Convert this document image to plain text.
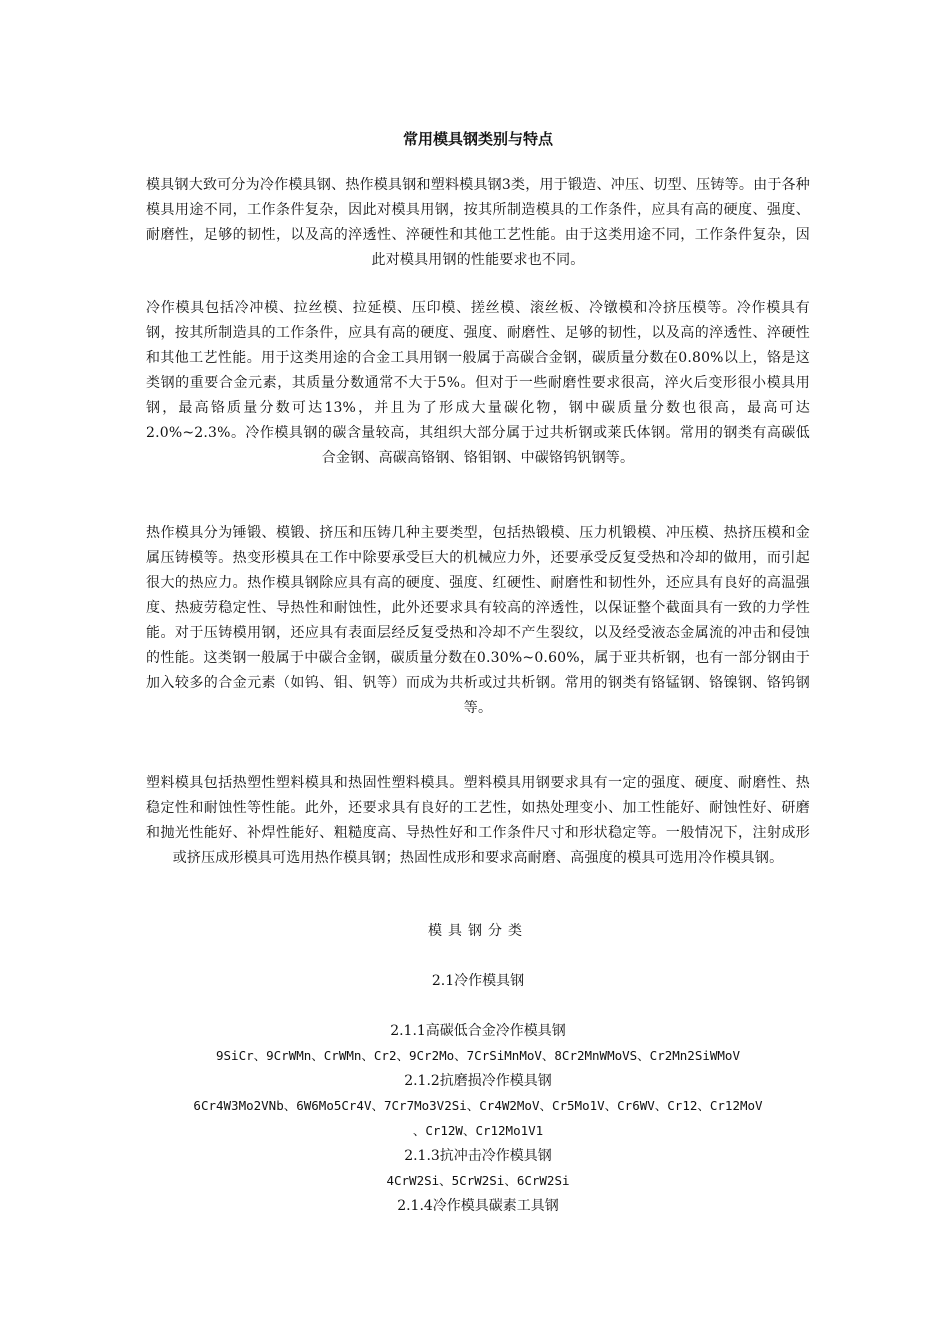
常用模具钢类别与特点
模具钢大致可分为冷作模具钢、热作模具钢和塑料模具钢3类，用于锻造、冲压、切型、压铸等。由于各种模具用途不同，工作条件复杂，因此对模具用钢，按其所制造模具的工作条件，应具有高的硬度、强度、耐磨性，足够的韧性，以及高的淬透性、淬硬性和其他工艺性能。由于这类用途不同，工作条件复杂，因此对模具用钢的性能要求也不同。
冷作模具包括冷冲模、拉丝模、拉延模、压印模、搓丝模、滚丝板、冷镦模和冷挤压模等。冷作模具有钢，按其所制造具的工作条件，应具有高的硬度、强度、耐磨性、足够的韧性，以及高的淬透性、淬硬性和其他工艺性能。用于这类用途的合金工具用钢一般属于高碳合金钢，碳质量分数在0.80%以上，铬是这类钢的重要合金元素，其质量分数通常不大于5%。但对于一些耐磨性要求很高，淬火后变形很小模具用钢，最高铬质量分数可达13%，并且为了形成大量碳化物，钢中碳质量分数也很高，最高可达2.0%~2.3%。冷作模具钢的碳含量较高，其组织大部分属于过共析钢或莱氏体钢。常用的钢类有高碳低合金钢、高碳高铬钢、铬钼钢、中碳铬钨钒钢等。
热作模具分为锤锻、模锻、挤压和压铸几种主要类型，包括热锻模、压力机锻模、冲压模、热挤压模和金属压铸模等。热变形模具在工作中除要承受巨大的机械应力外，还要承受反复受热和冷却的做用，而引起很大的热应力。热作模具钢除应具有高的硬度、强度、红硬性、耐磨性和韧性外，还应具有良好的高温强度、热疲劳稳定性、导热性和耐蚀性，此外还要求具有较高的淬透性，以保证整个截面具有一致的力学性能。对于压铸模用钢，还应具有表面层经反复受热和冷却不产生裂纹，以及经受液态金属流的冲击和侵蚀的性能。这类钢一般属于中碳合金钢，碳质量分数在0.30%~0.60%，属于亚共析钢，也有一部分钢由于加入较多的合金元素（如钨、钼、钒等）而成为共析或过共析钢。常用的钢类有铬锰钢、铬镍钢、铬钨钢等。
塑料模具包括热塑性塑料模具和热固性塑料模具。塑料模具用钢要求具有一定的强度、硬度、耐磨性、热稳定性和耐蚀性等性能。此外，还要求具有良好的工艺性，如热处理变小、加工性能好、耐蚀性好、研磨和抛光性能好、补焊性能好、粗糙度高、导热性好和工作条件尺寸和形状稳定等。一般情况下，注射成形或挤压成形模具可选用热作模具钢；热固性成形和要求高耐磨、高强度的模具可选用冷作模具钢。
模具钢分类
2.1冷作模具钢
2.1.1高碳低合金冷作模具钢
9SiCr、9CrWMn、CrWMn、Cr2、9Cr2Mo、7CrSiMnMoV、8Cr2MnWMoVS、Cr2Mn2SiWMoV
2.1.2抗磨损冷作模具钢
6Cr4W3Mo2VNb、6W6Mo5Cr4V、7Cr7Mo3V2Si、Cr4W2MoV、Cr5Mo1V、Cr6WV、Cr12、Cr12MoV
、Cr12W、Cr12Mo1V1
2.1.3抗冲击冷作模具钢
4CrW2Si、5CrW2Si、6CrW2Si
2.1.4冷作模具碳素工具钢
